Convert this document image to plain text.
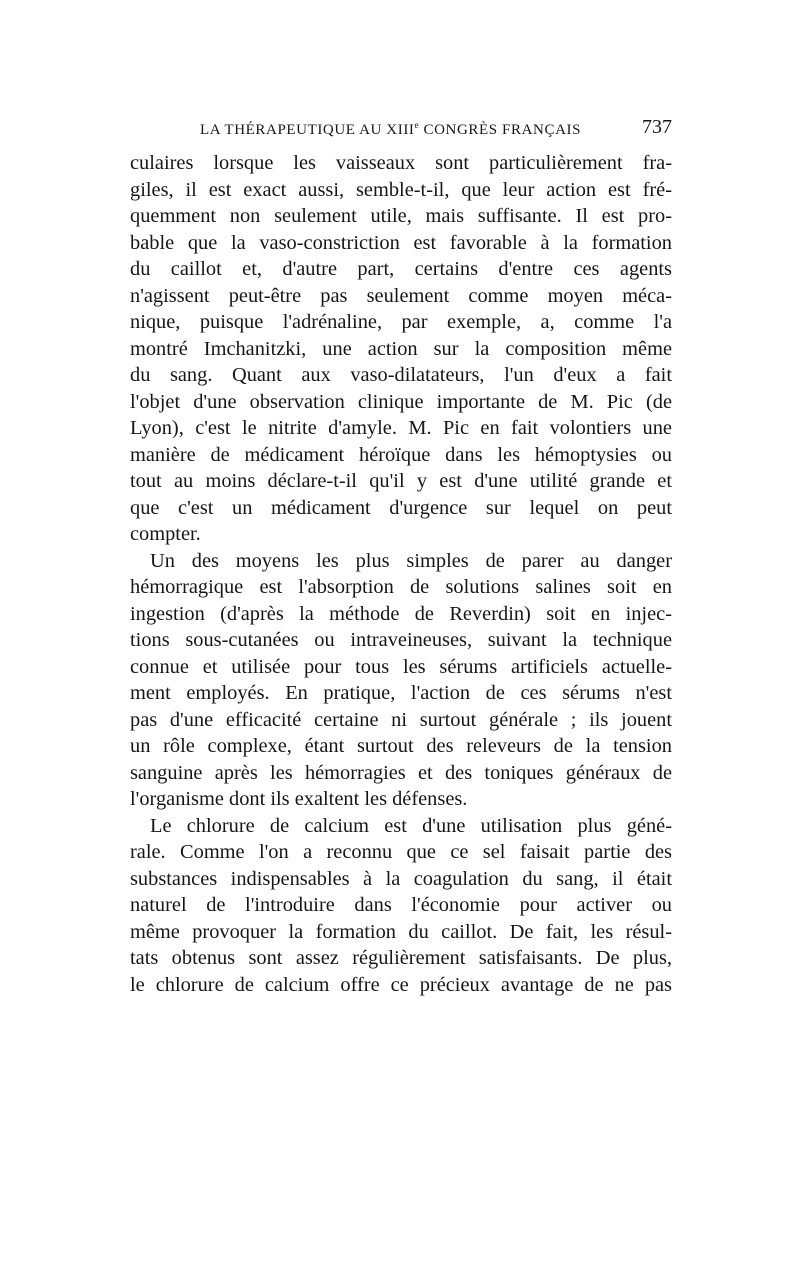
LA THÉRAPEUTIQUE AU XIIIe CONGRÈS FRANÇAIS	737
culaires lorsque les vaisseaux sont particulièrement fra-
giles, il est exact aussi, semble-t-il, que leur action est fré-
quemment non seulement utile, mais suffisante. Il est pro-
bable que la vaso-constriction est favorable à la formation
du caillot et, d'autre part, certains d'entre ces agents
n'agissent peut-être pas seulement comme moyen méca-
nique, puisque l'adrénaline, par exemple, a, comme l'a
montré Imchanitzki, une action sur la composition même
du sang. Quant aux vaso-dilatateurs, l'un d'eux a fait
l'objet d'une observation clinique importante de M. Pic (de
Lyon), c'est le nitrite d'amyle. M. Pic en fait volontiers une
manière de médicament héroïque dans les hémoptysies ou
tout au moins déclare-t-il qu'il y est d'une utilité grande et
que c'est un médicament d'urgence sur lequel on peut
compter.
Un des moyens les plus simples de parer au danger
hémorragique est l'absorption de solutions salines soit en
ingestion (d'après la méthode de Reverdin) soit en injec-
tions sous-cutanées ou intraveineuses, suivant la technique
connue et utilisée pour tous les sérums artificiels actuelle-
ment employés. En pratique, l'action de ces sérums n'est
pas d'une efficacité certaine ni surtout générale ; ils jouent
un rôle complexe, étant surtout des releveurs de la tension
sanguine après les hémorragies et des toniques généraux de
l'organisme dont ils exaltent les défenses.
Le chlorure de calcium est d'une utilisation plus géné-
rale. Comme l'on a reconnu que ce sel faisait partie des
substances indispensables à la coagulation du sang, il était
naturel de l'introduire dans l'économie pour activer ou
même provoquer la formation du caillot. De fait, les résul-
tats obtenus sont assez régulièrement satisfaisants. De plus,
le chlorure de calcium offre ce précieux avantage de ne pas
